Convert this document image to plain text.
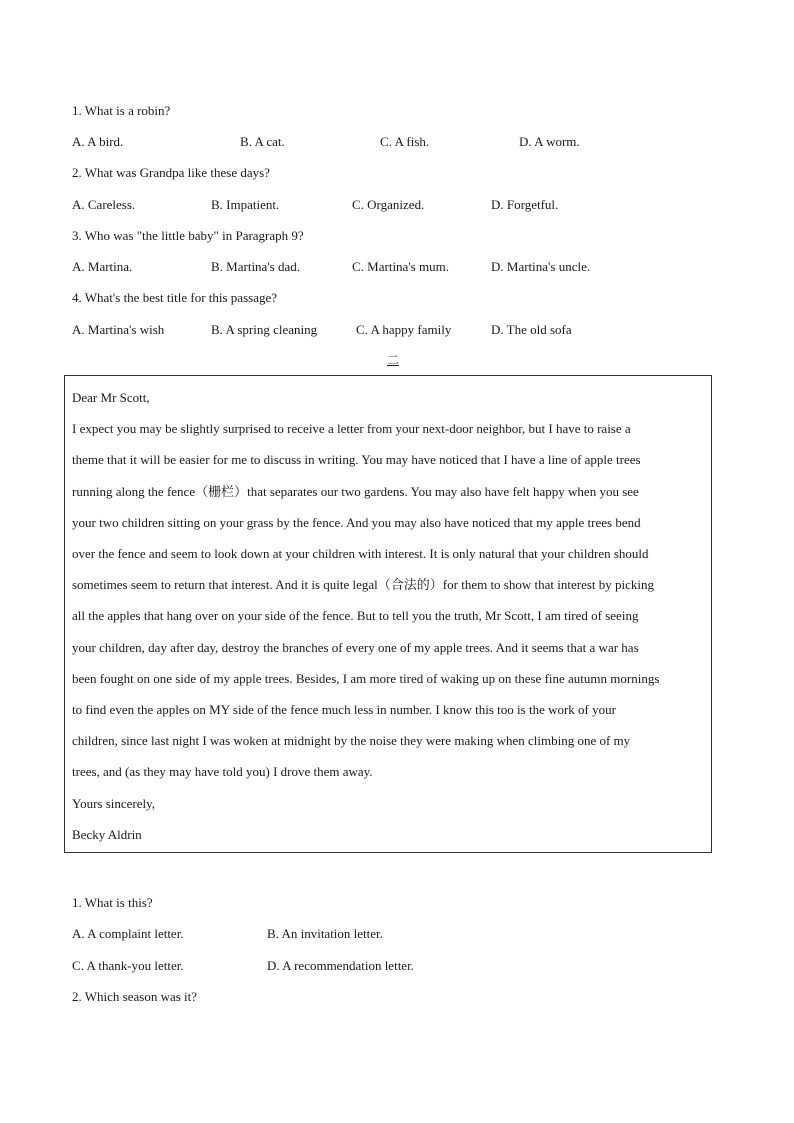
1. What is a robin?
A. A bird.	B. A cat.	C. A fish.	D. A worm.
2. What was Grandpa like these days?
A. Careless.	B. Impatient.	C. Organized.	D. Forgetful.
3. Who was "the little baby" in Paragraph 9?
A. Martina.	B. Martina's dad.	C. Martina's mum.	D. Martina's uncle.
4. What's the best title for this passage?
A. Martina's wish	B. A spring cleaning	C. A happy family	D. The old sofa
二
Dear Mr Scott,
I expect you may be slightly surprised to receive a letter from your next-door neighbor, but I have to raise a
theme that it will be easier for me to discuss in writing. You may have noticed that I have a line of apple trees
running along the fence（栅栏）that separates our two gardens. You may also have felt happy when you see
your two children sitting on your grass by the fence. And you may also have noticed that my apple trees bend
over the fence and seem to look down at your children with interest. It is only natural that your children should
sometimes seem to return that interest. And it is quite legal（合法的）for them to show that interest by picking
all the apples that hang over on your side of the fence. But to tell you the truth, Mr Scott, I am tired of seeing
your children, day after day, destroy the branches of every one of my apple trees. And it seems that a war has
been fought on one side of my apple trees. Besides, I am more tired of waking up on these fine autumn mornings
to find even the apples on MY side of the fence much less in number. I know this too is the work of your
children, since last night I was woken at midnight by the noise they were making when climbing one of my
trees, and (as they may have told you) I drove them away.
Yours sincerely,
Becky Aldrin
1. What is this?
A. A complaint letter.	B. An invitation letter.
C. A thank-you letter.	D. A recommendation letter.
2. Which season was it?
